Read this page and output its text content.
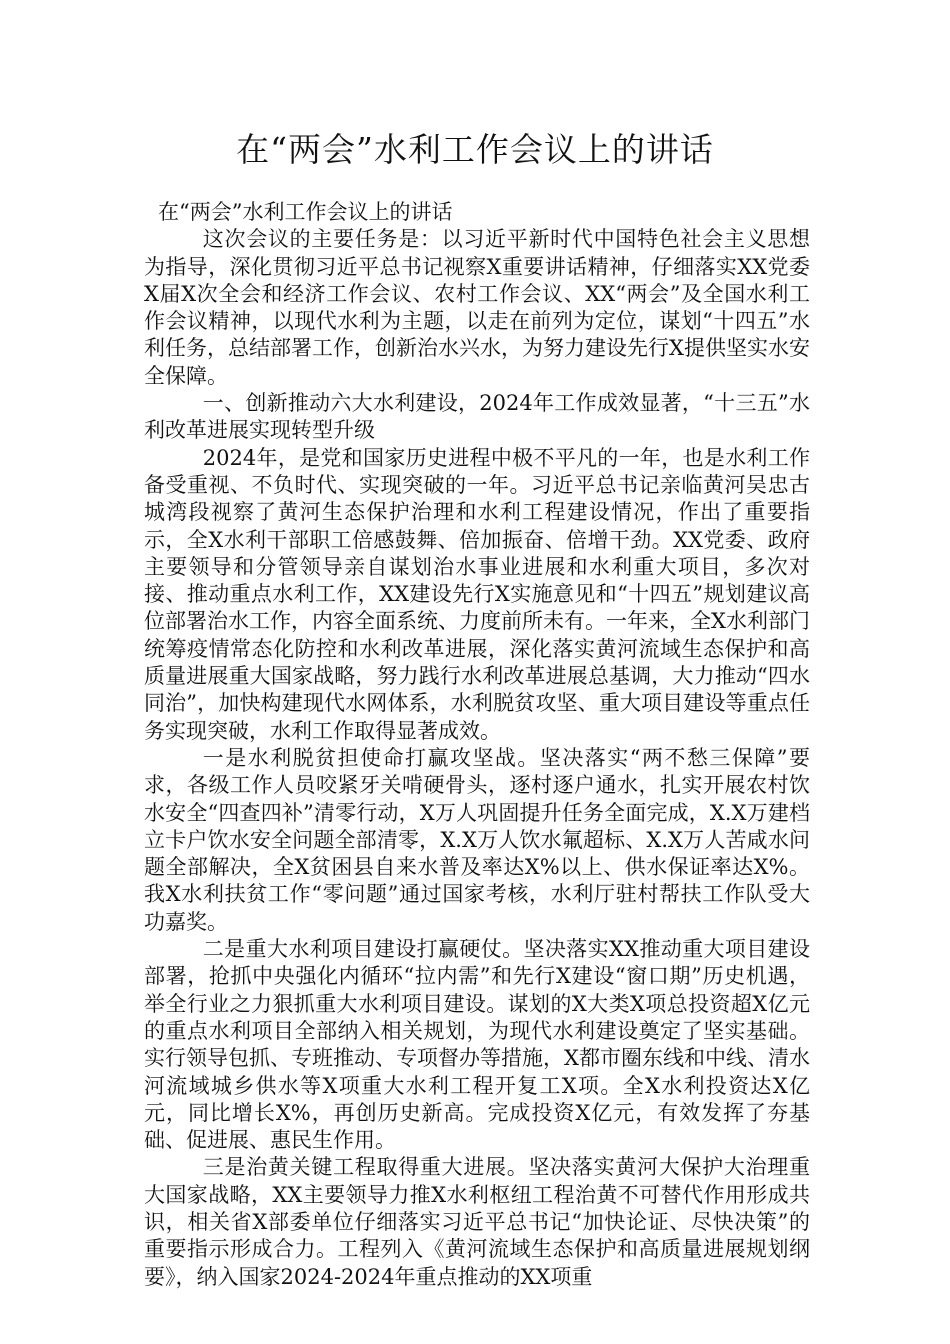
在“两会”水利工作会议上的讲话

在“两会”水利工作会议上的讲话

这次会议的主要任务是：以习近平新时代中国特色社会主义思想为指导，深化贯彻习近平总书记视察X重要讲话精神，仔细落实XX党委X届X次全会和经济工作会议、农村工作会议、XX“两会”及全国水利工作会议精神，以现代水利为主题，以走在前列为定位，谋划“十四五”水利任务，总结部署工作，创新治水兴水，为努力建设先行X提供坚实水安全保障。

一、创新推动六大水利建设，2024年工作成效显著，“十三五”水利改革进展实现转型升级

2024年，是党和国家历史进程中极不平凡的一年，也是水利工作备受重视、不负时代、实现突破的一年。习近平总书记亲临黄河吴忠古城湾段视察了黄河生态保护治理和水利工程建设情况，作出了重要指示，全X水利干部职工倍感鼓舞、倍加振奋、倍增干劲。XX党委、政府主要领导和分管领导亲自谋划治水事业进展和水利重大项目，多次对接、推动重点水利工作，XX建设先行X实施意见和“十四五”规划建议高位部署治水工作，内容全面系统、力度前所未有。一年来，全X水利部门统筹疫情常态化防控和水利改革进展，深化落实黄河流域生态保护和高质量进展重大国家战略，努力践行水利改革进展总基调，大力推动“四水同治”，加快构建现代水网体系，水利脱贫攻坚、重大项目建设等重点任务实现突破，水利工作取得显著成效。

一是水利脱贫担使命打赢攻坚战。坚决落实“两不愁三保障”要求，各级工作人员咬紧牙关啃硬骨头，逐村逐户通水，扎实开展农村饮水安全“四查四补”清零行动，X万人巩固提升任务全面完成，X.X万建档立卡户饮水安全问题全部清零，X.X万人饮水氟超标、X.X万人苦咸水问题全部解决，全X贫困县自来水普及率达X%以上、供水保证率达X%。我X水利扶贫工作“零问题”通过国家考核，水利厅驻村帮扶工作队受大功嘉奖。

二是重大水利项目建设打赢硬仗。坚决落实XX推动重大项目建设部署，抢抓中央强化内循环“拉内需”和先行X建设“窗口期”历史机遇，举全行业之力狠抓重大水利项目建设。谋划的X大类X项总投资超X亿元的重点水利项目全部纳入相关规划，为现代水利建设奠定了坚实基础。实行领导包抓、专班推动、专项督办等措施，X都市圈东线和中线、清水河流域城乡供水等X项重大水利工程开复工X项。全X水利投资达X亿元，同比增长X%，再创历史新高。完成投资X亿元，有效发挥了夯基础、促进展、惠民生作用。

三是治黄关键工程取得重大进展。坚决落实黄河大保护大治理重大国家战略，XX主要领导力推X水利枢纽工程治黄不可替代作用形成共识，相关省X部委单位仔细落实习近平总书记“加快论证、尽快决策”的重要指示形成合力。工程列入《黄河流域生态保护和高质量进展规划纲要》，纳入国家2024-2024年重点推动的XX项重
